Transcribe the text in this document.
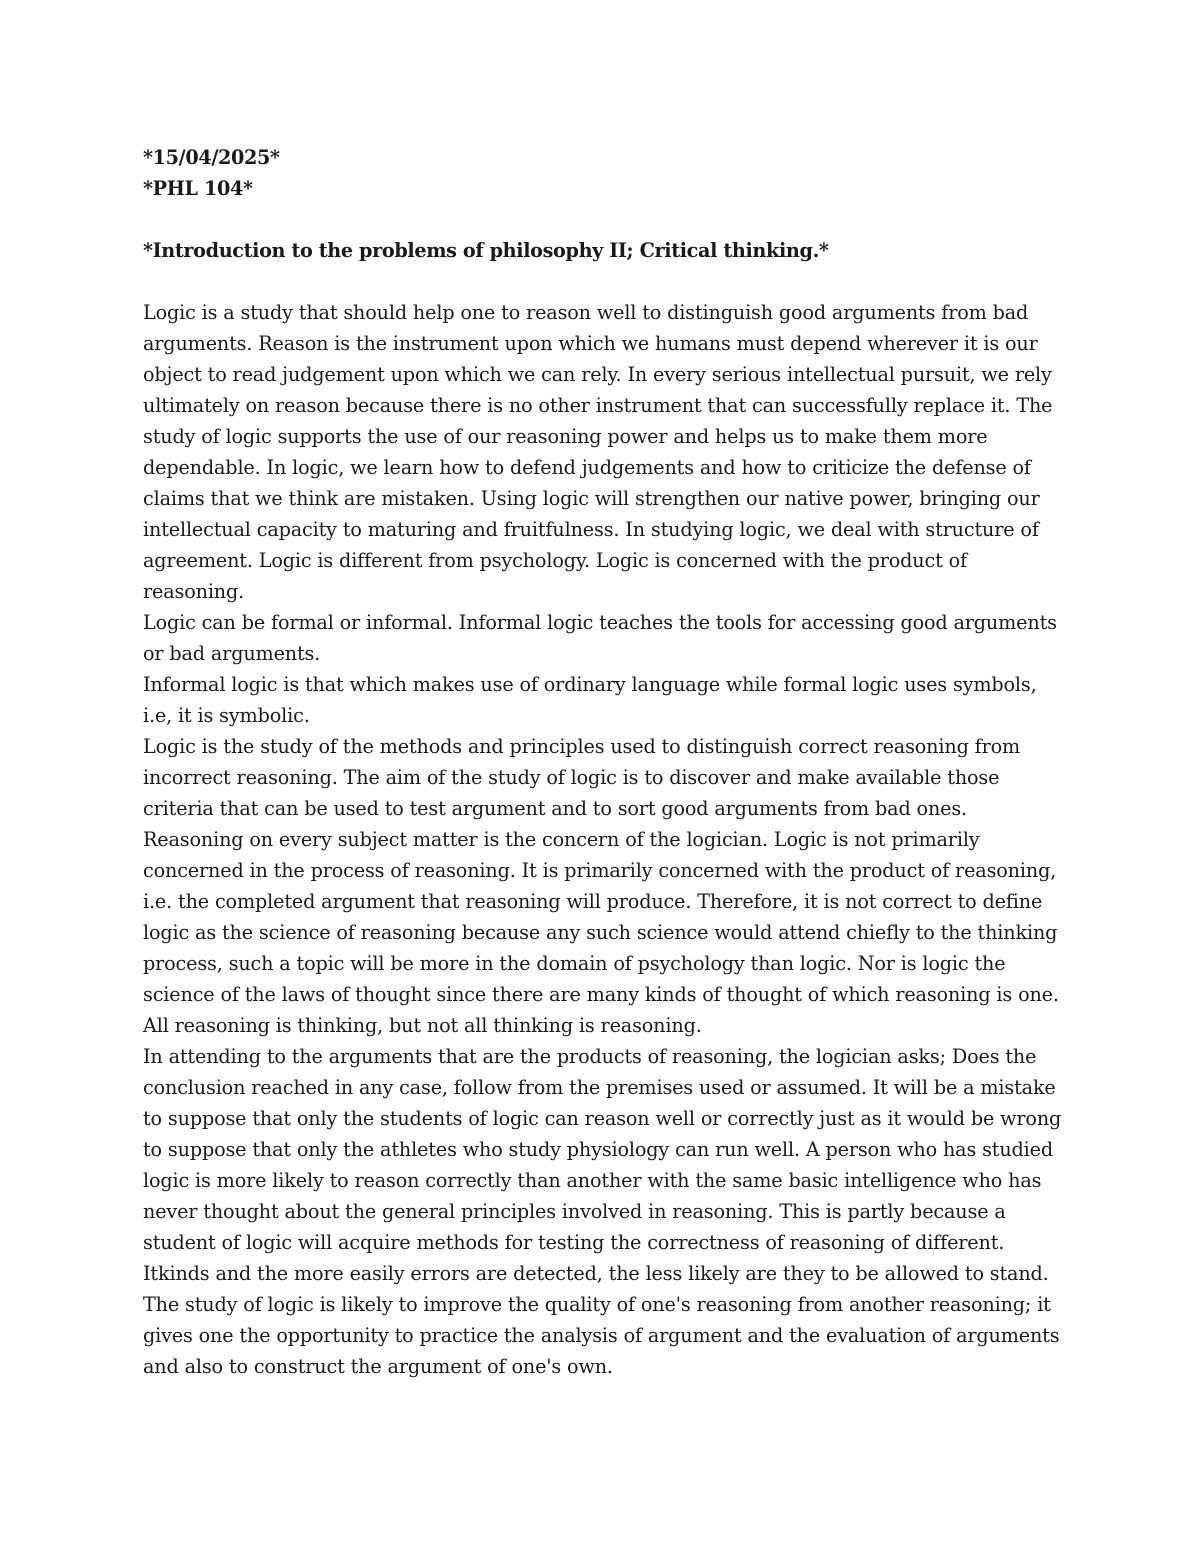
*15/04/2025*

*PHL 104*

*Introduction to the problems of philosophy II; Critical thinking.*

Logic is a study that should help one to reason well to distinguish good arguments from bad arguments. Reason is the instrument upon which we humans must depend wherever it is our object to read judgement upon which we can rely. In every serious intellectual pursuit, we rely ultimately on reason because there is no other instrument that can successfully replace it. The study of logic supports the use of our reasoning power and helps us to make them more dependable. In logic, we learn how to defend judgements and how to criticize the defense of claims that we think are mistaken. Using logic will strengthen our native power, bringing our intellectual capacity to maturing and fruitfulness. In studying logic, we deal with structure of agreement. Logic is different from psychology. Logic is concerned with the product of reasoning.

Logic can be formal or informal. Informal logic teaches the tools for accessing good arguments or bad arguments.

Informal logic is that which makes use of ordinary language while formal logic uses symbols, i.e, it is symbolic.

Logic is the study of the methods and principles used to distinguish correct reasoning from incorrect reasoning. The aim of the study of logic is to discover and make available those criteria that can be used to test argument and to sort good arguments from bad ones.

Reasoning on every subject matter is the concern of the logician. Logic is not primarily concerned in the process of reasoning. It is primarily concerned with the product of reasoning, i.e. the completed argument that reasoning will produce. Therefore, it is not correct to define logic as the science of reasoning because any such science would attend chiefly to the thinking process, such a topic will be more in the domain of psychology than logic. Nor is logic the science of the laws of thought since there are many kinds of thought of which reasoning is one. All reasoning is thinking, but not all thinking is reasoning.

In attending to the arguments that are the products of reasoning, the logician asks; Does the conclusion reached in any case, follow from the premises used or assumed. It will be a mistake to suppose that only the students of logic can reason well or correctly just as it would be wrong to suppose that only the athletes who study physiology can run well. A person who has studied logic is more likely to reason correctly than another with the same basic intelligence who has never thought about the general principles involved in reasoning. This is partly because a student of logic will acquire methods for testing the correctness of reasoning of different. Itkinds and the more easily errors are detected, the less likely are they to be allowed to stand. The study of logic is likely to improve the quality of one's reasoning from another reasoning; it gives one the opportunity to practice the analysis of argument and the evaluation of arguments and also to construct the argument of one's own.
